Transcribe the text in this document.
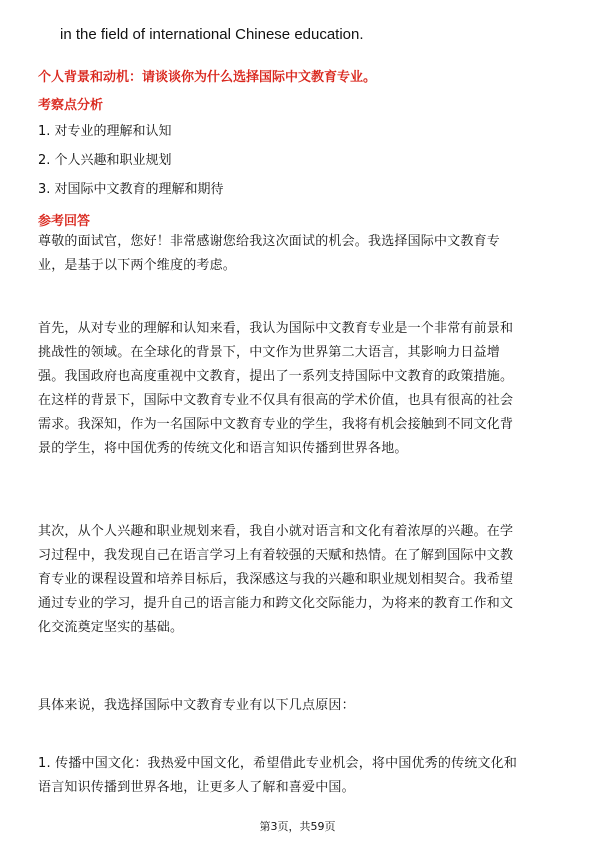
in the field of international Chinese education.
个人背景和动机：请谈谈你为什么选择国际中文教育专业。
考察点分析
1. 对专业的理解和认知
2. 个人兴趣和职业规划
3. 对国际中文教育的理解和期待
参考回答
尊敬的面试官，您好！非常感谢您给我这次面试的机会。我选择国际中文教育专
业，是基于以下两个维度的考虑。
首先，从对专业的理解和认知来看，我认为国际中文教育专业是一个非常有前景和
挑战性的领域。在全球化的背景下，中文作为世界第二大语言，其影响力日益增
强。我国政府也高度重视中文教育，提出了一系列支持国际中文教育的政策措施。
在这样的背景下，国际中文教育专业不仅具有很高的学术价值，也具有很高的社会
需求。我深知，作为一名国际中文教育专业的学生，我将有机会接触到不同文化背
景的学生，将中国优秀的传统文化和语言知识传播到世界各地。
其次，从个人兴趣和职业规划来看，我自小就对语言和文化有着浓厚的兴趣。在学
习过程中，我发现自己在语言学习上有着较强的天赋和热情。在了解到国际中文教
育专业的课程设置和培养目标后，我深感这与我的兴趣和职业规划相契合。我希望
通过专业的学习，提升自己的语言能力和跨文化交际能力，为将来的教育工作和文
化交流奠定坚实的基础。
具体来说，我选择国际中文教育专业有以下几点原因：
1. 传播中国文化：我热爱中国文化，希望借此专业机会，将中国优秀的传统文化和
语言知识传播到世界各地，让更多人了解和喜爱中国。
第3页，共59页
